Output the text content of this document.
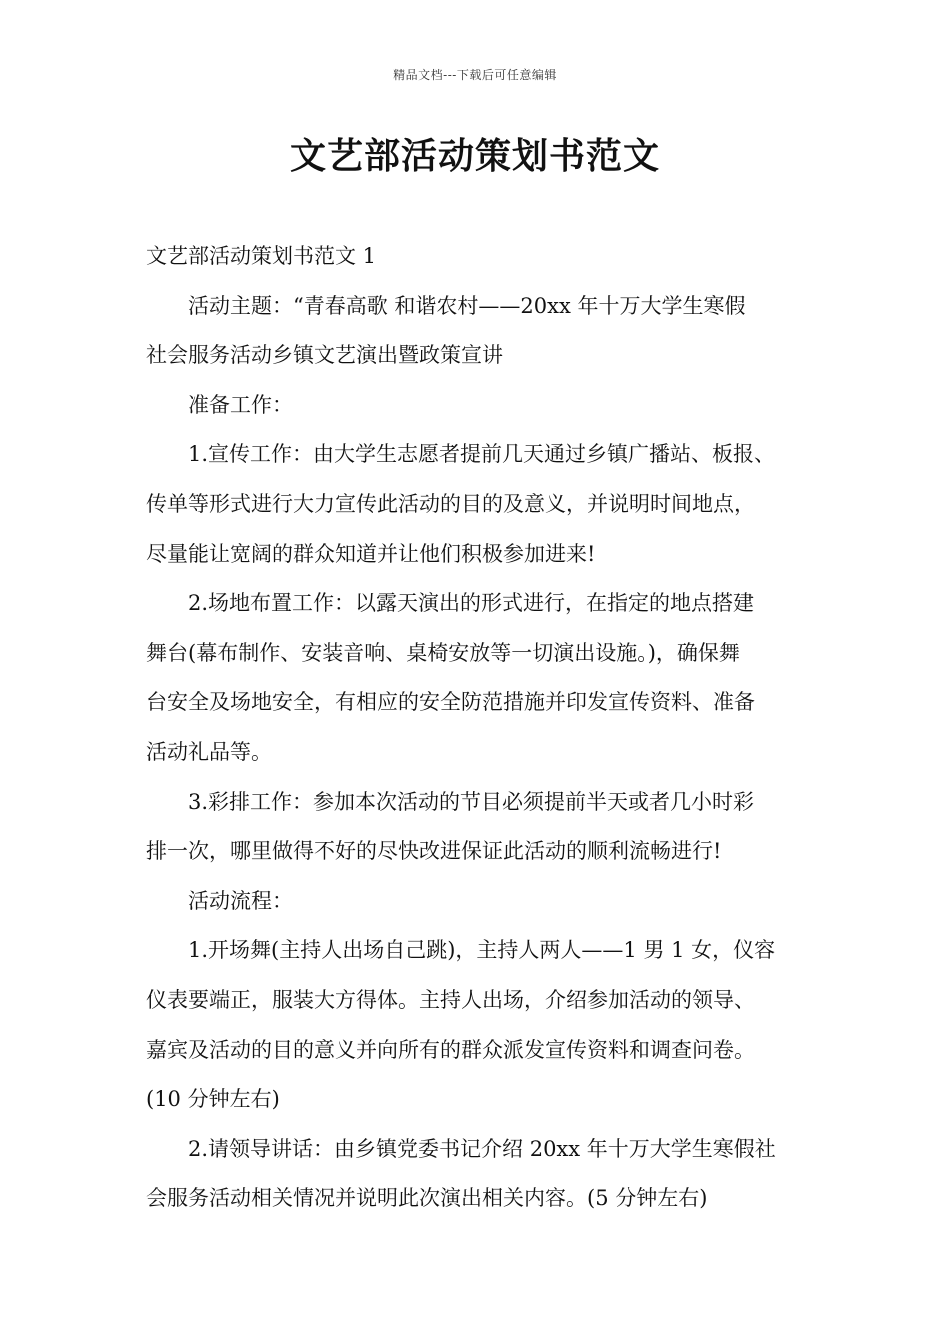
精品文档---下载后可任意编辑
文艺部活动策划书范文

文艺部活动策划书范文 1

活动主题：“青春高歌 和谐农村——20xx 年十万大学生寒假

社会服务活动乡镇文艺演出暨政策宣讲

准备工作：

1.宣传工作：由大学生志愿者提前几天通过乡镇广播站、板报、

传单等形式进行大力宣传此活动的目的及意义，并说明时间地点，

尽量能让宽阔的群众知道并让他们积极参加进来!

2.场地布置工作：以露天演出的形式进行，在指定的地点搭建

舞台(幕布制作、安装音响、桌椅安放等一切演出设施。)，确保舞

台安全及场地安全，有相应的安全防范措施并印发宣传资料、准备

活动礼品等。

3.彩排工作：参加本次活动的节目必须提前半天或者几小时彩

排一次，哪里做得不好的尽快改进保证此活动的顺利流畅进行!

活动流程：

1.开场舞(主持人出场自己跳)，主持人两人——1 男 1 女，仪容

仪表要端正，服装大方得体。主持人出场，介绍参加活动的领导、

嘉宾及活动的目的意义并向所有的群众派发宣传资料和调查问卷。

(10 分钟左右)

2.请领导讲话：由乡镇党委书记介绍 20xx 年十万大学生寒假社

会服务活动相关情况并说明此次演出相关内容。(5 分钟左右)
